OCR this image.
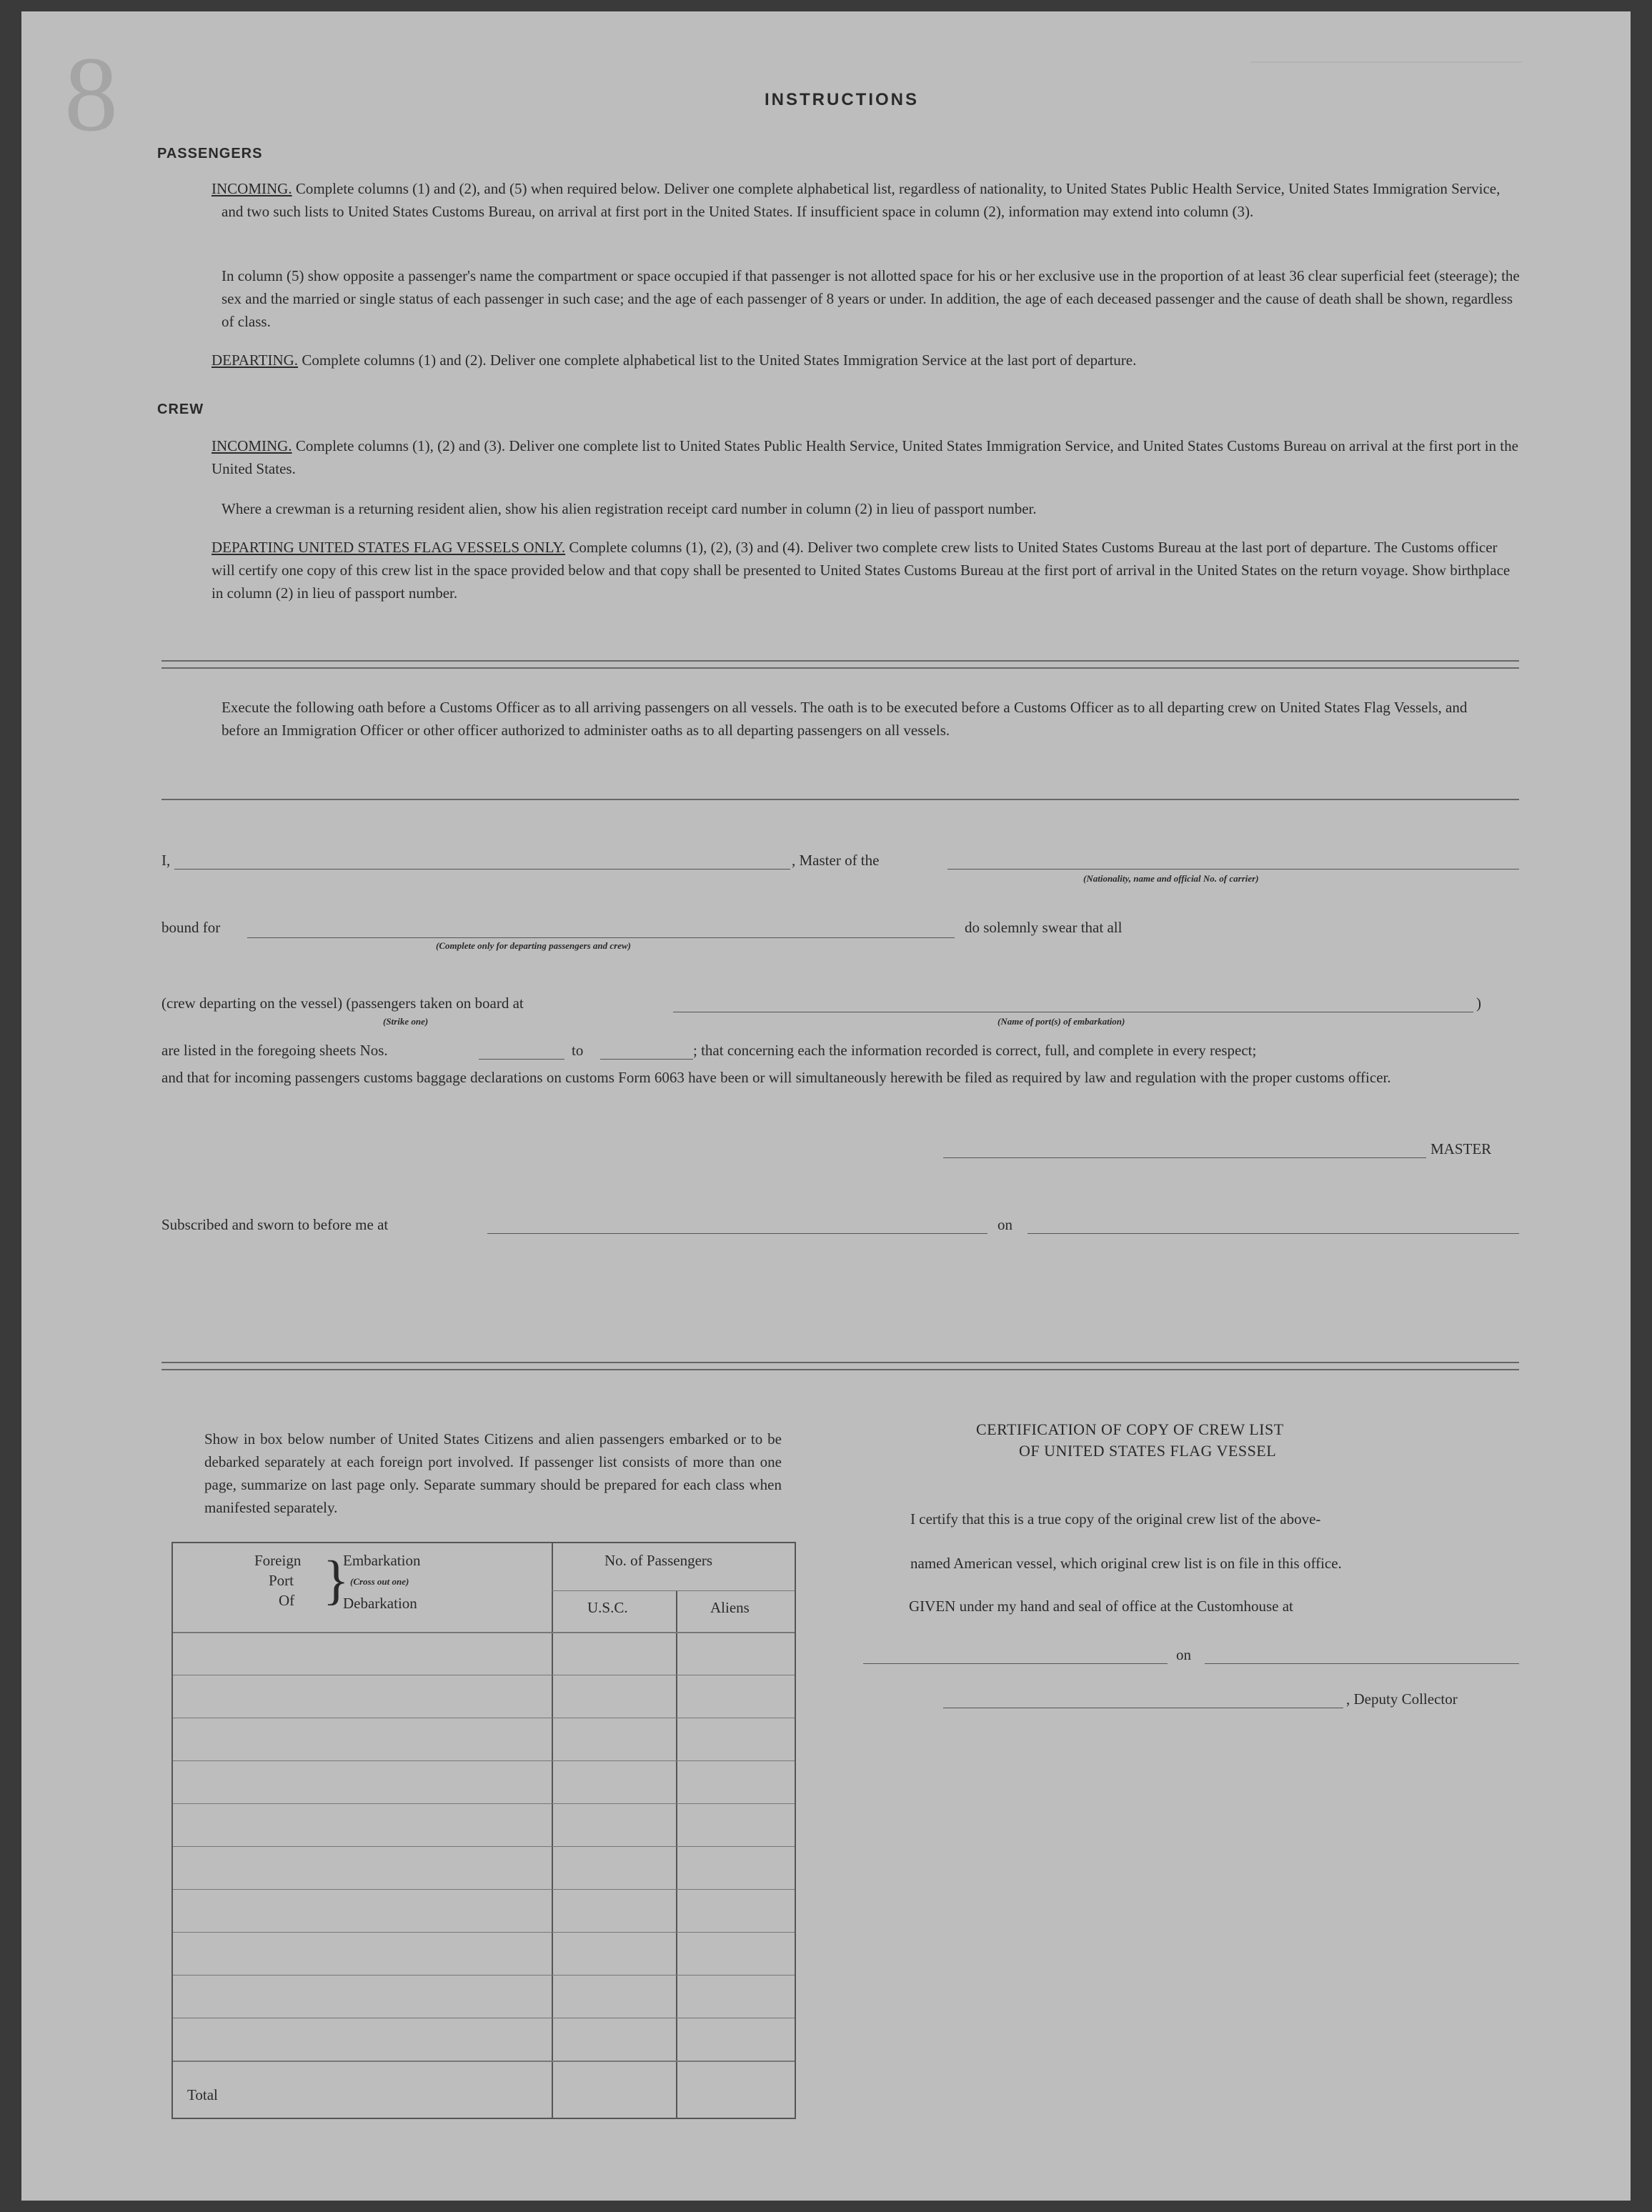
8	INSTRUCTIONS
PASSENGERS

INCOMING. Complete columns (1) and (2), and (5) when required below. Deliver one complete alphabetical list, regardless of nationality, to United States Public Health Service, United States Immigration Service, and two such lists to United States Customs Bureau, on arrival at first port in the United States. If insufficient space in column (2), information may extend into column (3).

In column (5) show opposite a passenger's name the compartment or space occupied if that passenger is not allotted space for his or her exclusive use in the proportion of at least 36 clear superficial feet (steerage); the sex and the married or single status of each passenger in such case; and the age of each passenger of 8 years or under. In addition, the age of each deceased passenger and the cause of death shall be shown, regardless of class.

DEPARTING. Complete columns (1) and (2). Deliver one complete alphabetical list to the United States Immigration Service at the last port of departure.

CREW

INCOMING. Complete columns (1), (2) and (3). Deliver one complete list to United States Public Health Service, United States Immigration Service, and United States Customs Bureau on arrival at the first port in the United States.

Where a crewman is a returning resident alien, show his alien registration receipt card number in column (2) in lieu of passport number.

DEPARTING UNITED STATES FLAG VESSELS ONLY. Complete columns (1), (2), (3) and (4). Deliver two complete crew lists to United States Customs Bureau at the last port of departure. The Customs officer will certify one copy of this crew list in the space provided below and that copy shall be presented to United States Customs Bureau at the first port of arrival in the United States on the return voyage. Show birthplace in column (2) in lieu of passport number.

Execute the following oath before a Customs Officer as to all arriving passengers on all vessels. The oath is to be executed before a Customs Officer as to all departing crew on United States Flag Vessels, and before an Immigration Officer or other officer authorized to administer oaths as to all departing passengers on all vessels.

I,	, Master of the
(Nationality, name and official No. of carrier)
bound for
(Complete only for departing passengers and crew)
do solemnly swear that all
(crew departing on the vessel) (passengers taken on board at	)
(Strike one)	(Name of port(s) of embarkation)
are listed in the foregoing sheets Nos.	to	; that concerning each the information recorded is correct, full, and complete in every respect;

and that for incoming passengers customs baggage declarations on customs Form 6063 have been or will simultaneously herewith be filed as required by law and regulation with the proper customs officer.

MASTER
Subscribed and sworn to before me at	on

Show in box below number of United States Citizens and alien passengers embarked or to be debarked separately at each foreign port involved. If passenger list consists of more than one page, summarize on last page only. Separate summary should be prepared for each class when manifested separately.

Foreign
Port
Of }
Embarkation
(Cross out one)
Debarkation
No. of Passengers
U.S.C.	Aliens
Total
CERTIFICATION OF COPY OF CREW LIST
OF UNITED STATES FLAG VESSEL
I certify that this is a true copy of the original crew list of the above-
named American vessel, which original crew list is on file in this office.
GIVEN under my hand and seal of office at the Customhouse at
on
, Deputy Collector
